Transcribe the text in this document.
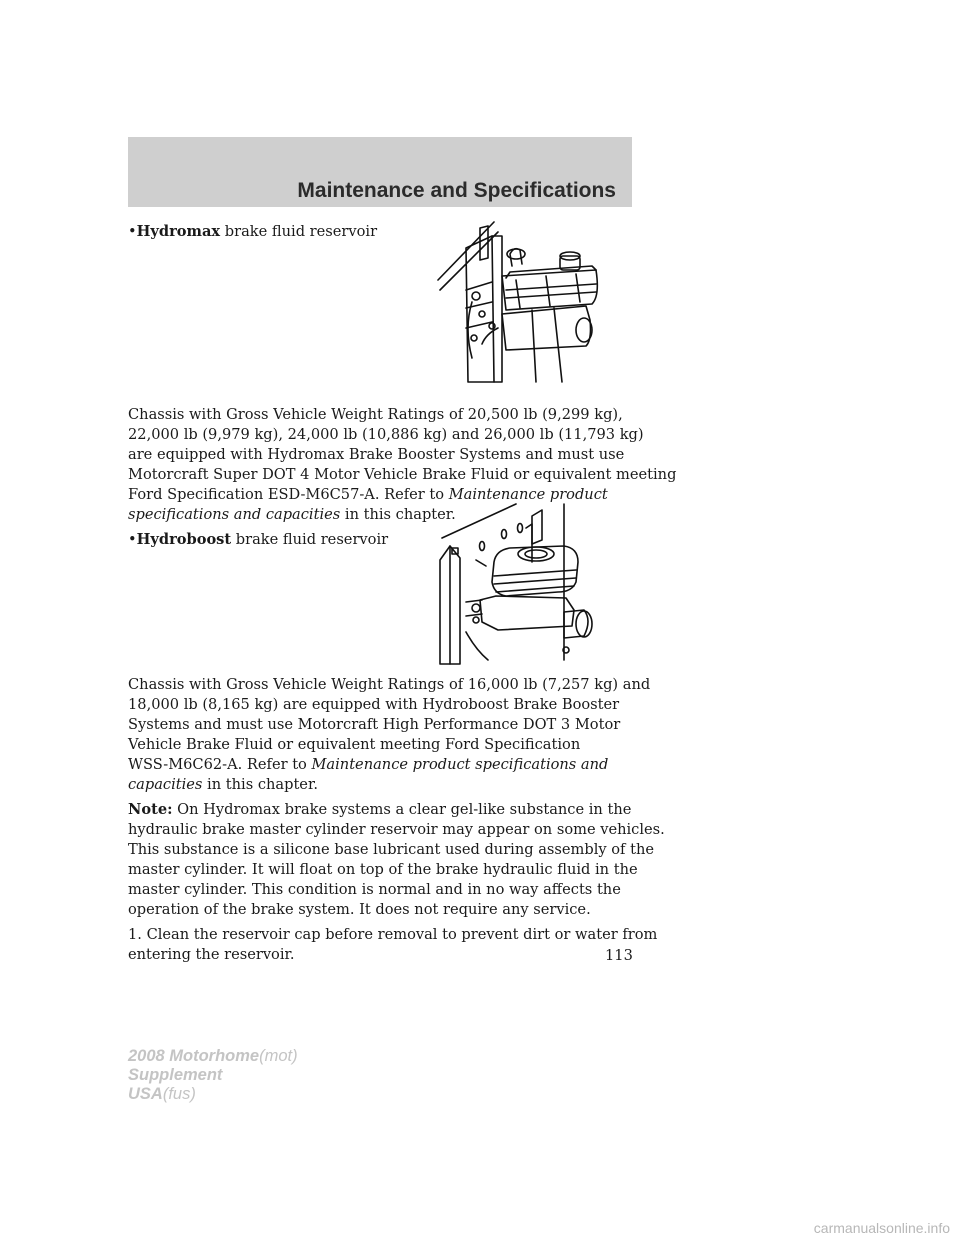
Maintenance and Specifications
•Hydromax brake fluid reservoir
Chassis with Gross Vehicle Weight Ratings of 20,500 lb (9,299 kg),
22,000 lb (9,979 kg), 24,000 lb (10,886 kg) and 26,000 lb (11,793 kg)
are equipped with Hydromax Brake Booster Systems and must use
Motorcraft Super DOT 4 Motor Vehicle Brake Fluid or equivalent meeting
Ford Specification ESD-M6C57-A. Refer to Maintenance product
specifications and capacities in this chapter.
•Hydroboost brake fluid reservoir
Chassis with Gross Vehicle Weight Ratings of 16,000 lb (7,257 kg) and
18,000 lb (8,165 kg) are equipped with Hydroboost Brake Booster
Systems and must use Motorcraft High Performance DOT 3 Motor
Vehicle Brake Fluid or equivalent meeting Ford Specification
WSS-M6C62-A. Refer to Maintenance product specifications and
capacities in this chapter.
Note: On Hydromax brake systems a clear gel-like substance in the
hydraulic brake master cylinder reservoir may appear on some vehicles.
This substance is a silicone base lubricant used during assembly of the
master cylinder. It will float on top of the brake hydraulic fluid in the
master cylinder. This condition is normal and in no way affects the
operation of the brake system. It does not require any service.
1. Clean the reservoir cap before removal to prevent dirt or water from
entering the reservoir.	113
2008 Motorhome(mot)
Supplement
USA(fus)
carmanualsonline.info
